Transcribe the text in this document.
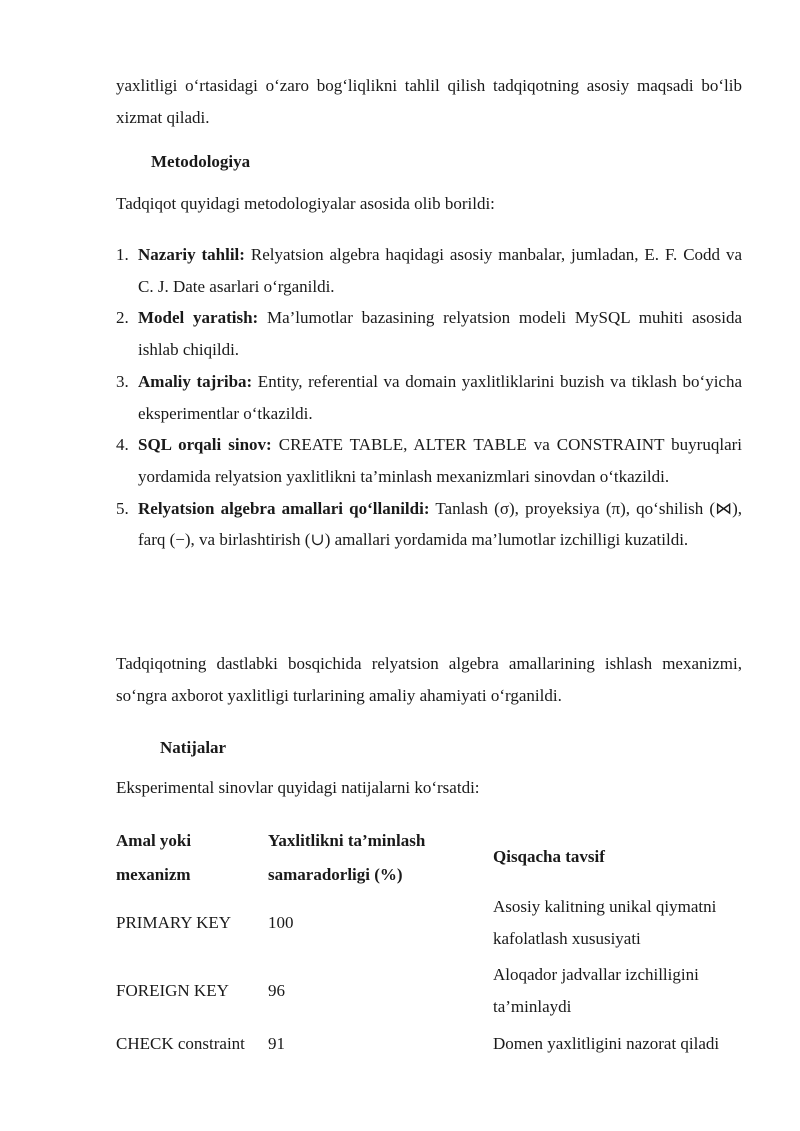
yaxlitligi o‘rtasidagi o‘zaro bog‘liqlikni tahlil qilish tadqiqotning asosiy maqsadi bo‘lib xizmat qiladi.

Metodologiya

Tadqiqot quyidagi metodologiyalar asosida olib borildi:

1. Nazariy tahlil: Relyatsion algebra haqidagi asosiy manbalar, jumladan, E. F. Codd va C. J. Date asarlari o‘rganildi.
2. Model yaratish: Ma’lumotlar bazasining relyatsion modeli MySQL muhiti asosida ishlab chiqildi.
3. Amaliy tajriba: Entity, referential va domain yaxlitliklarini buzish va tiklash bo‘yicha eksperimentlar o‘tkazildi.
4. SQL orqali sinov: CREATE TABLE, ALTER TABLE va CONSTRAINT buyruqlari yordamida relyatsion yaxlitlikni ta’minlash mexanizmlari sinovdan o‘tkazildi.
5. Relyatsion algebra amallari qo‘llanildi: Tanlash (σ), proyeksiya (π), qo‘shilish (⋈), farq (−), va birlashtirish (∪) amallari yordamida ma’lumotlar izchilligi kuzatildi.

Tadqiqotning dastlabki bosqichida relyatsion algebra amallarining ishlash mexanizmi, so‘ngra axborot yaxlitligi turlarining amaliy ahamiyati o‘rganildi.

Natijalar

Eksperimental sinovlar quyidagi natijalarni ko‘rsatdi:

Amal yoki mexanizm
Yaxlitlikni ta’minlash samaradorligi (%)
Qisqacha tavsif
PRIMARY KEY 100
Asosiy kalitning unikal qiymatni kafolatlash xususiyati
FOREIGN KEY 96
Aloqador jadvallar izchilligini ta’minlaydi
CHECK constraint 91	Domen yaxlitligini nazorat qiladi
